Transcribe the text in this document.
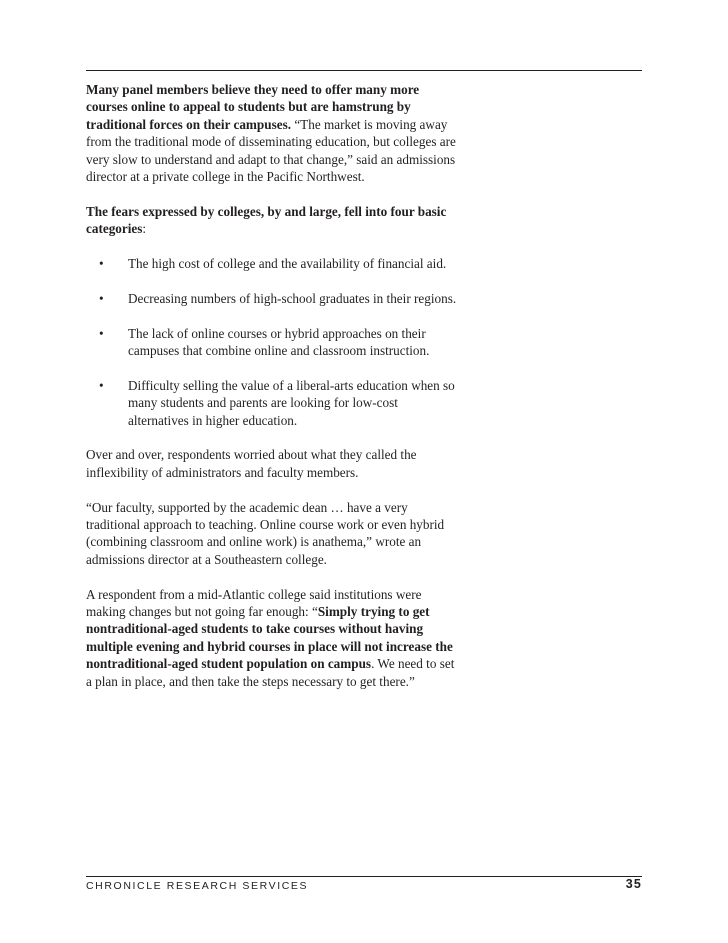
Many panel members believe they need to offer many more courses online to appeal to students but are hamstrung by traditional forces on their campuses. “The market is moving away from the traditional mode of disseminating education, but colleges are very slow to understand and adapt to that change,” said an admissions director at a private college in the Pacific Northwest.

The fears expressed by colleges, by and large, fell into four basic categories:

• The high cost of college and the availability of financial aid.
• Decreasing numbers of high-school graduates in their regions.
• The lack of online courses or hybrid approaches on their campuses that combine online and classroom instruction.
• Difficulty selling the value of a liberal-arts education when so many students and parents are looking for low-cost alternatives in higher education.

Over and over, respondents worried about what they called the inflexibility of administrators and faculty members.

“Our faculty, supported by the academic dean … have a very traditional approach to teaching. Online course work or even hybrid (combining classroom and online work) is anathema,” wrote an admissions director at a Southeastern college.

A respondent from a mid-Atlantic college said institutions were making changes but not going far enough: “Simply trying to get nontraditional-aged students to take courses without having multiple evening and hybrid courses in place will not increase the nontraditional-aged student population on campus. We need to set a plan in place, and then take the steps necessary to get there.”

CHRONICLE RESEARCH SERVICES	35
